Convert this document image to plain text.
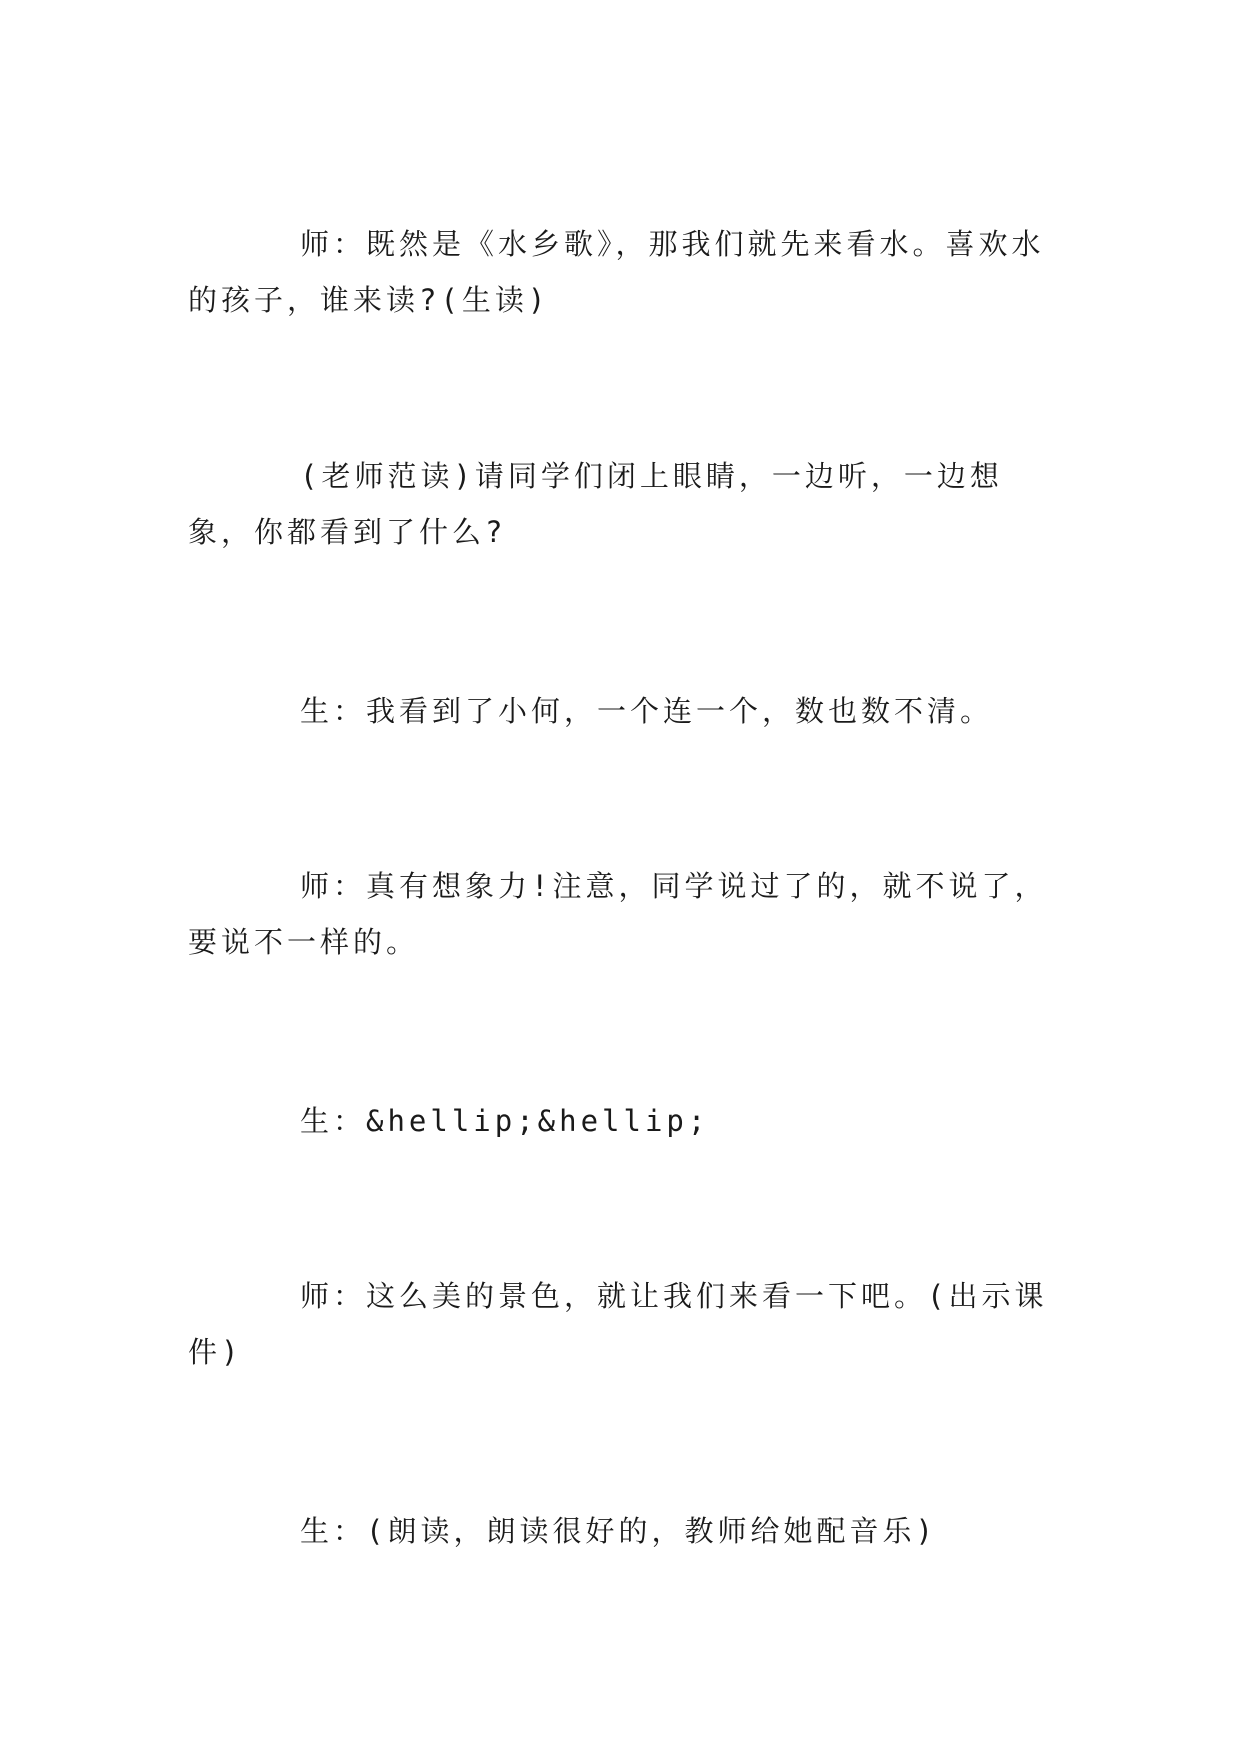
师：既然是《水乡歌》，那我们就先来看水。喜欢水的孩子，谁来读?(生读)

(老师范读)请同学们闭上眼睛，一边听，一边想象，你都看到了什么?

生：我看到了小何，一个连一个，数也数不清。

师：真有想象力!注意，同学说过了的，就不说了，要说不一样的。

生：&hellip;&hellip;

师：这么美的景色，就让我们来看一下吧。(出示课件)

生：(朗读，朗读很好的，教师给她配音乐)
